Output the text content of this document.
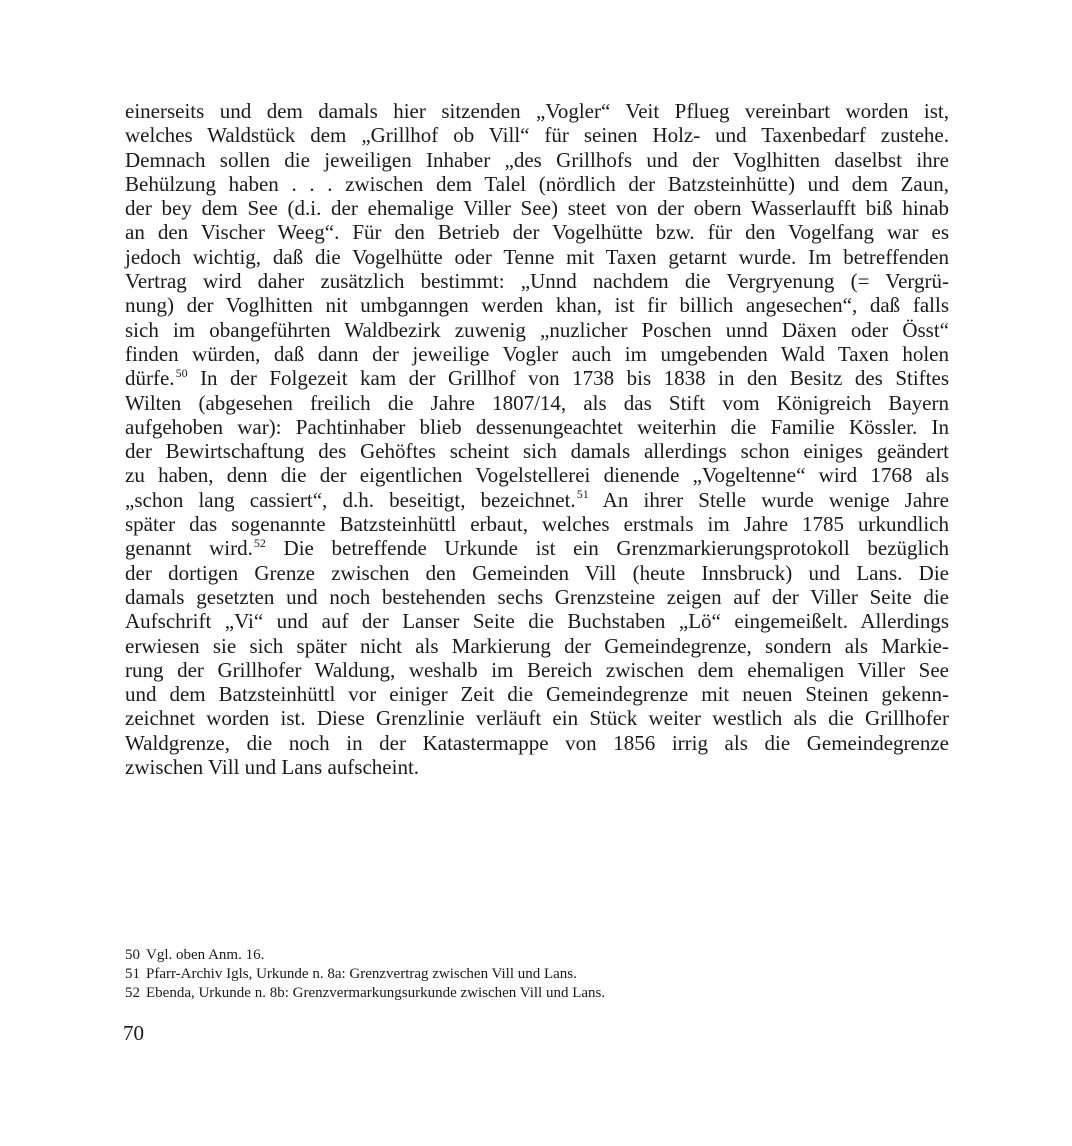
einerseits und dem damals hier sitzenden „Vogler“ Veit Pflueg vereinbart worden ist,
welches Waldstück dem „Grillhof ob Vill“ für seinen Holz- und Taxenbedarf zustehe.
Demnach sollen die jeweiligen Inhaber „des Grillhofs und der Voglhitten daselbst ihre
Behülzung haben . . . zwischen dem Talel (nördlich der Batzsteinhütte) und dem Zaun,
der bey dem See (d.i. der ehemalige Viller See) steet von der obern Wasserlaufft biß hinab
an den Vischer Weeg“. Für den Betrieb der Vogelhütte bzw. für den Vogelfang war es
jedoch wichtig, daß die Vogelhütte oder Tenne mit Taxen getarnt wurde. Im betreffenden
Vertrag wird daher zusätzlich bestimmt: „Unnd nachdem die Vergryenung (= Vergrü-
nung) der Voglhitten nit umbganngen werden khan, ist fir billich angesechen“, daß falls
sich im obangeführten Waldbezirk zuwenig „nuzlicher Poschen unnd Däxen oder Össt“
finden würden, daß dann der jeweilige Vogler auch im umgebenden Wald Taxen holen
dürfe.$^{50}$ In der Folgezeit kam der Grillhof von 1738 bis 1838 in den Besitz des Stiftes
Wilten (abgesehen freilich die Jahre 1807/14, als das Stift vom Königreich Bayern
aufgehoben war): Pachtinhaber blieb dessenungeachtet weiterhin die Familie Kössler. In
der Bewirtschaftung des Gehöftes scheint sich damals allerdings schon einiges geändert
zu haben, denn die der eigentlichen Vogelstellerei dienende „Vogeltenne“ wird 1768 als
„schon lang cassiert“, d.h. beseitigt, bezeichnet.$^{51}$ An ihrer Stelle wurde wenige Jahre
später das sogenannte Batzsteinhüttl erbaut, welches erstmals im Jahre 1785 urkundlich
genannt wird.$^{52}$ Die betreffende Urkunde ist ein Grenzmarkierungsprotokoll bezüglich
der dortigen Grenze zwischen den Gemeinden Vill (heute Innsbruck) und Lans. Die
damals gesetzten und noch bestehenden sechs Grenzsteine zeigen auf der Viller Seite die
Aufschrift „Vi“ und auf der Lanser Seite die Buchstaben „Lö“ eingemeißelt. Allerdings
erwiesen sie sich später nicht als Markierung der Gemeindegrenze, sondern als Markie-
rung der Grillhofer Waldung, weshalb im Bereich zwischen dem ehemaligen Viller See
und dem Batzsteinhüttl vor einiger Zeit die Gemeindegrenze mit neuen Steinen gekenn-
zeichnet worden ist. Diese Grenzlinie verläuft ein Stück weiter westlich als die Grillhofer
Waldgrenze, die noch in der Katastermappe von 1856 irrig als die Gemeindegrenze
zwischen Vill und Lans aufscheint.
50 Vgl. oben Anm. 16.
51 Pfarr-Archiv Igls, Urkunde n. 8a: Grenzvertrag zwischen Vill und Lans.
52 Ebenda, Urkunde n. 8b: Grenzvermarkungsurkunde zwischen Vill und Lans.
70
